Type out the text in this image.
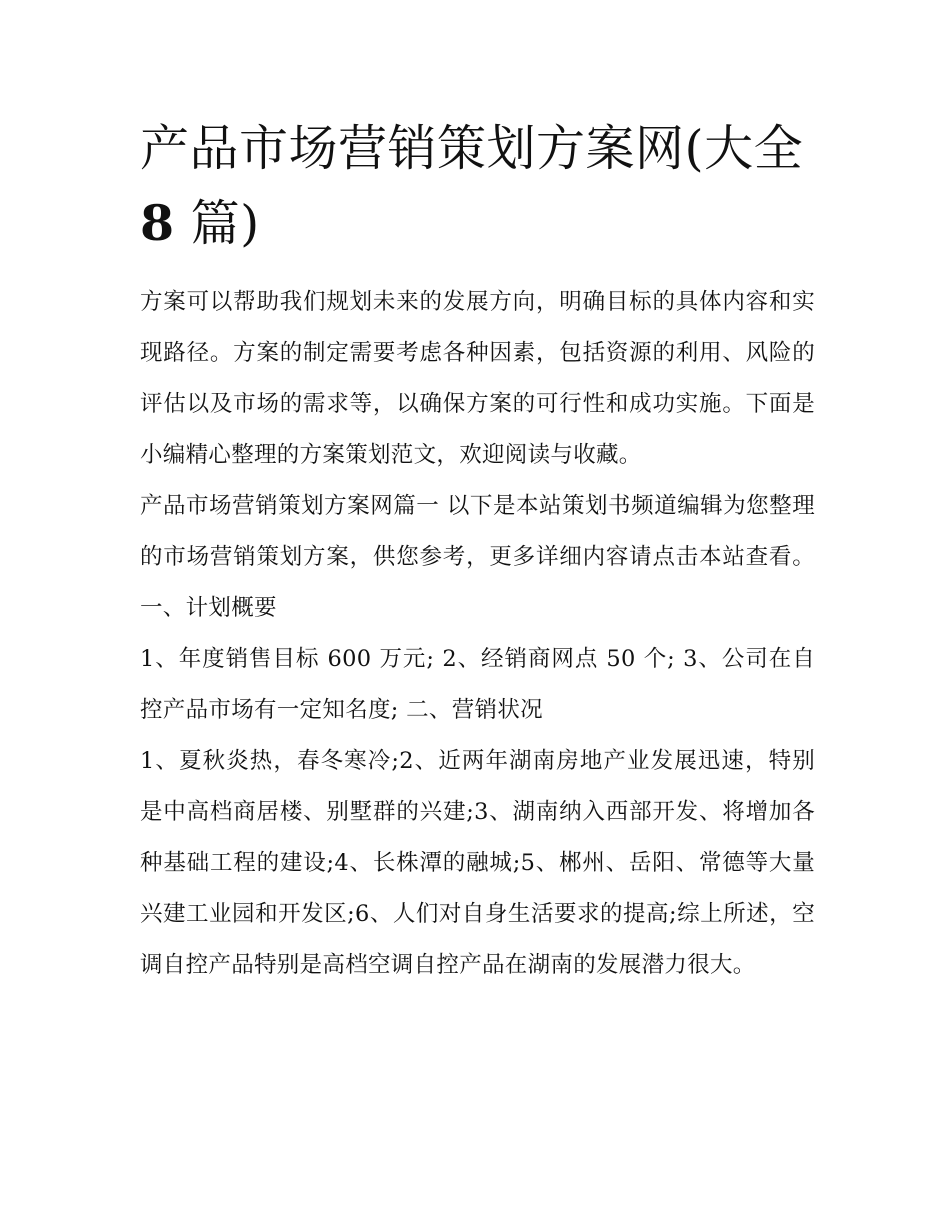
产品市场营销策划方案网(大全
8 篇)

方案可以帮助我们规划未来的发展方向，明确目标的具体内容和实现路径。方案的制定需要考虑各种因素，包括资源的利用、风险的评估以及市场的需求等，以确保方案的可行性和成功实施。下面是小编精心整理的方案策划范文，欢迎阅读与收藏。

产品市场营销策划方案网篇一 以下是本站策划书频道编辑为您整理的市场营销策划方案，供您参考，更多详细内容请点击本站查看。 一、计划概要

1、年度销售目标 600 万元; 2、经销商网点 50 个; 3、公司在自控产品市场有一定知名度; 二、营销状况

1、夏秋炎热，春冬寒冷;2、近两年湖南房地产业发展迅速，特别是中高档商居楼、别墅群的兴建;3、湖南纳入西部开发、将增加各种基础工程的建设;4、长株潭的融城;5、郴州、岳阳、常德等大量兴建工业园和开发区;6、人们对自身生活要求的提高;综上所述，空调自控产品特别是高档空调自控产品在湖南的发展潜力很大。
